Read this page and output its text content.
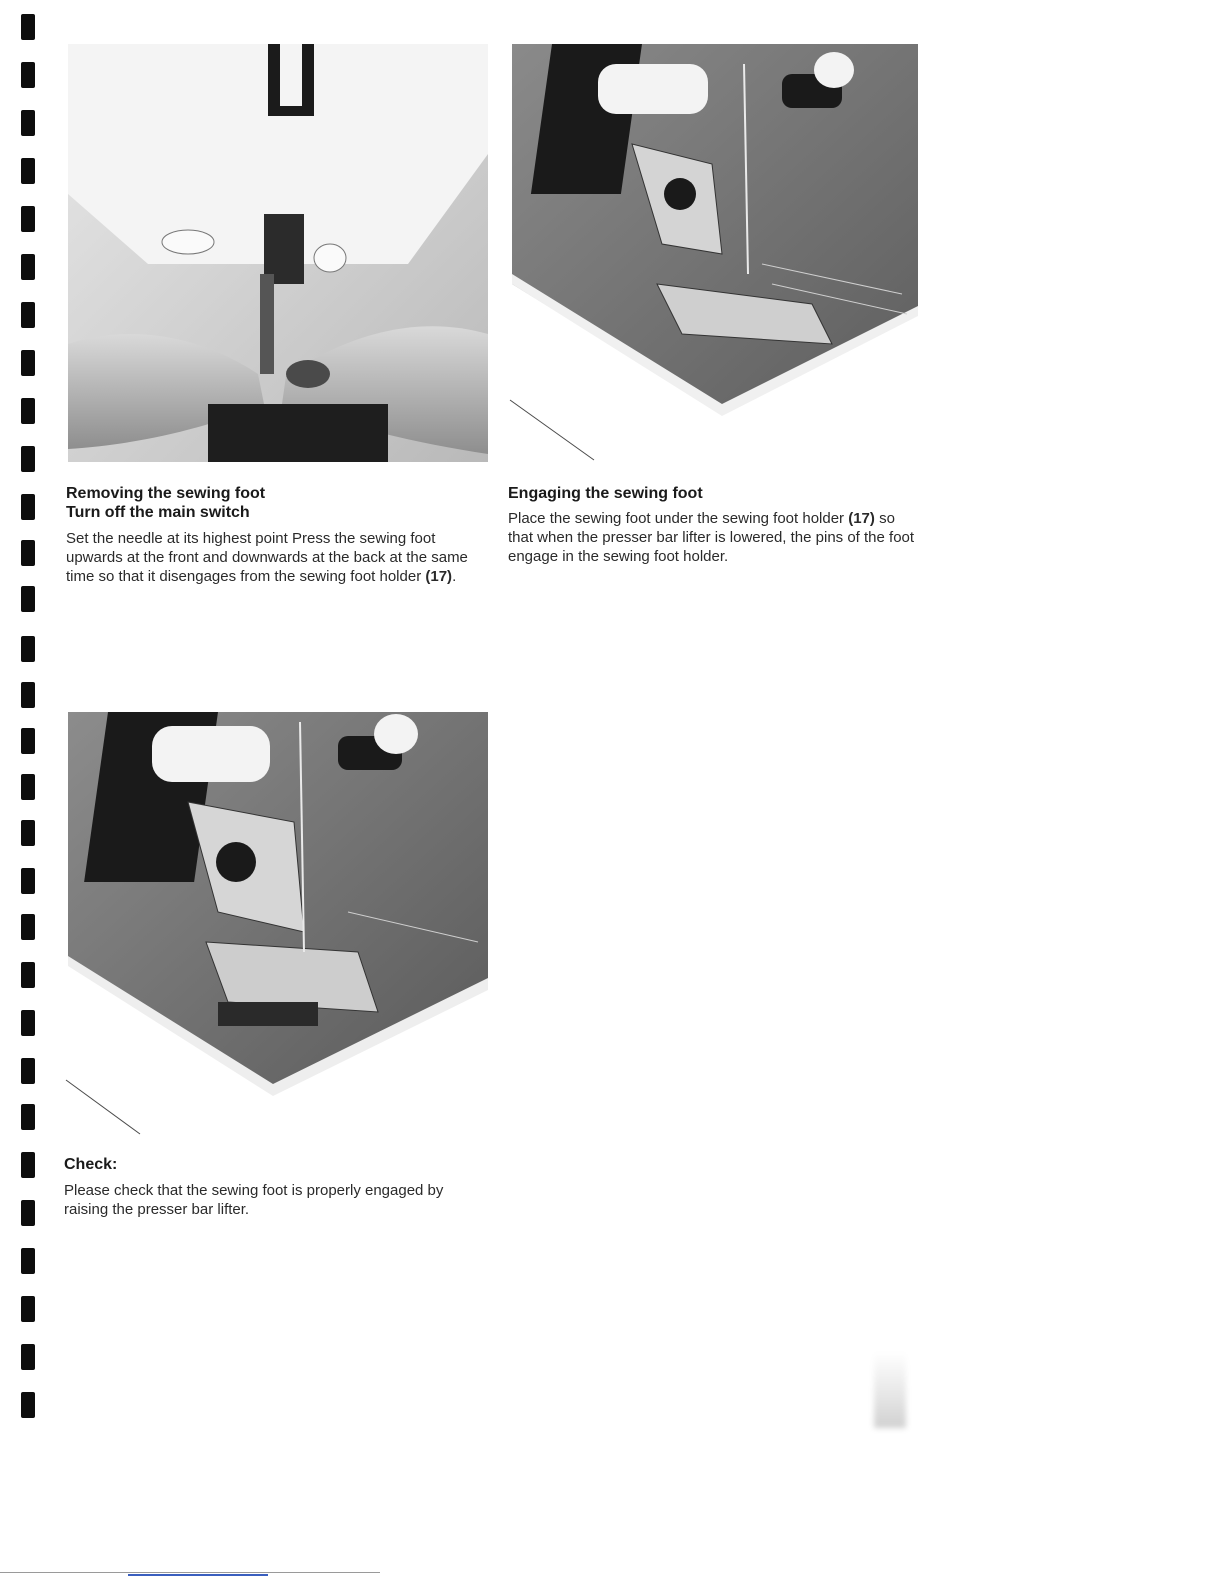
Removing the sewing foot
Turn off the main switch

Set the needle at its highest point Press the sewing foot upwards at the front and downwards at the back at the same time so that it disengages from the sewing foot holder (17).

Engaging the sewing foot

Place the sewing foot under the sewing foot holder (17) so that when the presser bar lifter is lowered, the pins of the foot engage in the sewing foot holder.

Check:

Please check that the sewing foot is properly engaged by raising the presser bar lifter.
